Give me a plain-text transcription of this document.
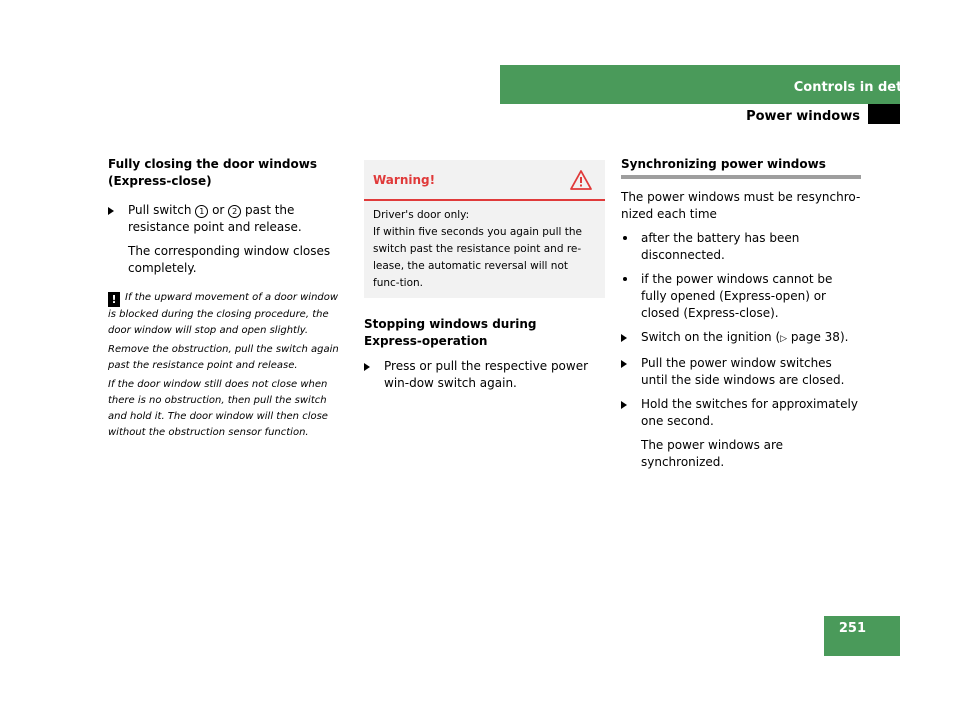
Controls in detail
Power windows

Fully closing the door windows
(Express-close)

Pull switch 1 or 2 past the resistance point and release.

The corresponding window closes completely.

! If the upward movement of a door window is blocked during the closing procedure, the door window will stop and open slightly.

Remove the obstruction, pull the switch again past the resistance point and release.

If the door window still does not close when there is no obstruction, then pull the switch and hold it. The door window will then close without the obstruction sensor function.

Warning!

Driver's door only:

If within five seconds you again pull the switch past the resistance point and re-lease, the automatic reversal will not func-tion.

Stopping windows during
Express-operation

Press or pull the respective power win-dow switch again.

Synchronizing power windows

The power windows must be resynchro-nized each time

after the battery has been disconnected.

if the power windows cannot be fully opened (Express-open) or closed (Express-close).

Switch on the ignition (▷ page 38).

Pull the power window switches until the side windows are closed.

Hold the switches for approximately one second.

The power windows are synchronized.

251
